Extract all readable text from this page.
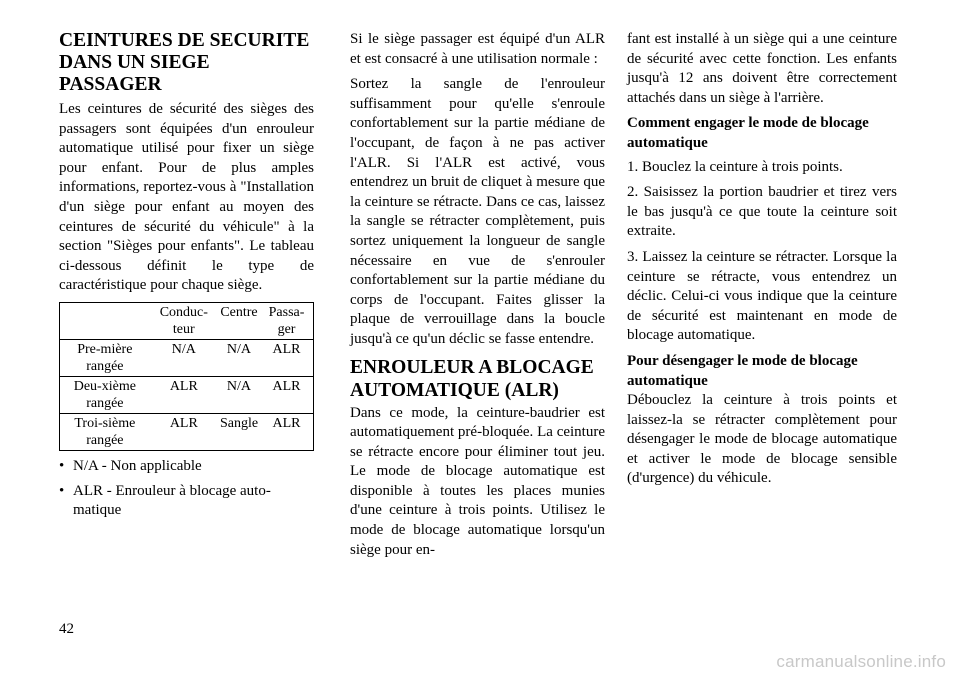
CEINTURES DE SECURITE DANS UN SIEGE PASSAGER

Les ceintures de sécurité des sièges des passagers sont équipées d'un enrouleur automatique utilisé pour fixer un siège pour enfant. Pour de plus amples informations, reportez-vous à "Installation d'un siège pour enfant au moyen des ceintures de sécurité du véhicule" à la section "Sièges pour enfants". Le tableau ci-dessous définit le type de caractéristique pour chaque siège.

	Conduc-teur	Centre	Passa-ger
Pre-mière rangée	N/A	N/A	ALR
Deu-xième rangée	ALR	N/A	ALR
Troi-sième rangée	ALR	Sangle	ALR
• N/A - Non applicable
• ALR - Enrouleur à blocage auto-matique

Si le siège passager est équipé d'un ALR et est consacré à une utilisation normale :

Sortez la sangle de l'enrouleur suffisamment pour qu'elle s'enroule confortablement sur la partie médiane de l'occupant, de façon à ne pas activer l'ALR. Si l'ALR est activé, vous entendrez un bruit de cliquet à mesure que la ceinture se rétracte. Dans ce cas, laissez la sangle se rétracter complètement, puis sortez uniquement la longueur de sangle nécessaire en vue de s'enrouler confortablement sur la partie médiane du corps de l'occupant. Faites glisser la plaque de verrouillage dans la boucle jusqu'à ce qu'un déclic se fasse entendre.

ENROULEUR A BLOCAGE AUTOMATIQUE (ALR)

Dans ce mode, la ceinture-baudrier est automatiquement pré-bloquée. La ceinture se rétracte encore pour éliminer tout jeu. Le mode de blocage automatique est disponible à toutes les places munies d'une ceinture à trois points. Utilisez le mode de blocage automatique lorsqu'un siège pour en-

fant est installé à un siège qui a une ceinture de sécurité avec cette fonction. Les enfants jusqu'à 12 ans doivent être correctement attachés dans un siège à l'arrière.

Comment engager le mode de blocage automatique

1. Bouclez la ceinture à trois points.

2. Saisissez la portion baudrier et tirez vers le bas jusqu'à ce que toute la ceinture soit extraite.

3. Laissez la ceinture se rétracter. Lorsque la ceinture se rétracte, vous entendrez un déclic. Celui-ci vous indique que la ceinture de sécurité est maintenant en mode de blocage automatique.

Pour désengager le mode de blocage automatique

Débouclez la ceinture à trois points et laissez-la se rétracter complètement pour désengager le mode de blocage automatique et activer le mode de blocage sensible (d'urgence) du véhicule.

42
carmanualsonline.info
